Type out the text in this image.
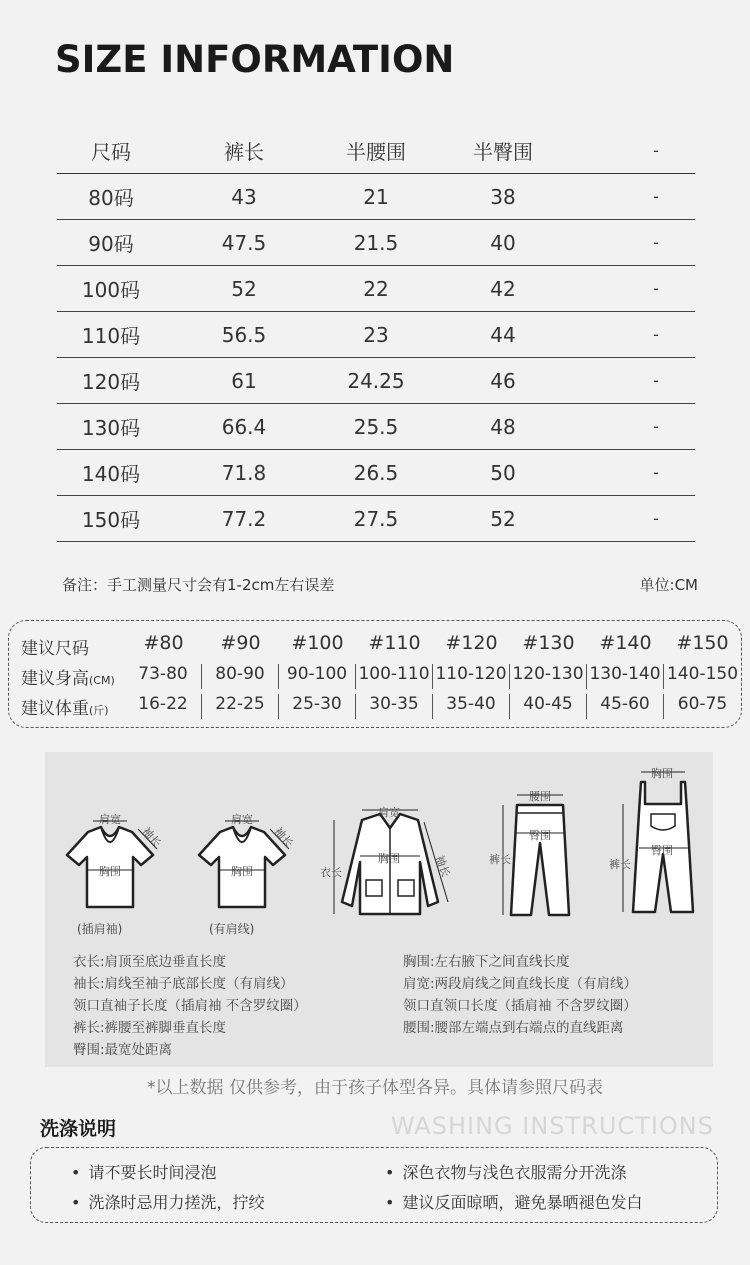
SIZE INFORMATION
尺码	裤长	半腰围	半臀围	-
80码	43	21	38	-
90码	47.5	21.5	40	-
100码	52	22	42	-
110码	56.5	23	44	-
120码	61	24.25	46	-
130码	66.4	25.5	48	-
140码	71.8	26.5	50	-
150码	77.2	27.5	52	-
备注：手工测量尺寸会有1-2cm左右误差	单位:CM
建议尺码	#80	#90	#100	#110	#120	#130	#140	#150
建议身高(CM)	73-80	80-90	90-100 100-110 110-120 120-130 130-140 140-150
建议体重(斤)	16-22	22-25	25-30	30-35	35-40	40-45	45-60	60-75
肩宽
袖长
胸围
(插肩袖)
肩宽
袖长
胸围
(有肩线)
肩宽
衣长
胸围	袖长
腰围
裤长
臀围
胸围
裤长
臀围
衣长:肩顶至底边垂直长度
袖长:肩线至袖子底部长度（有肩线）
领口直袖子长度（插肩袖 不含罗纹圈）
裤长:裤腰至裤脚垂直长度
臀围:最宽处距离
胸围:左右腋下之间直线长度
肩宽:两段肩线之间直线长度（有肩线）
领口直领口长度（插肩袖 不含罗纹圈）
腰围:腰部左端点到右端点的直线距离
*以上数据 仅供参考，由于孩子体型各异。具体请参照尺码表
洗涤说明	WASHING INSTRUCTIONS
• 请不要长时间浸泡	• 深色衣物与浅色衣服需分开洗涤
• 洗涤时忌用力搓洗，拧绞	• 建议反面晾晒，避免暴晒褪色发白
